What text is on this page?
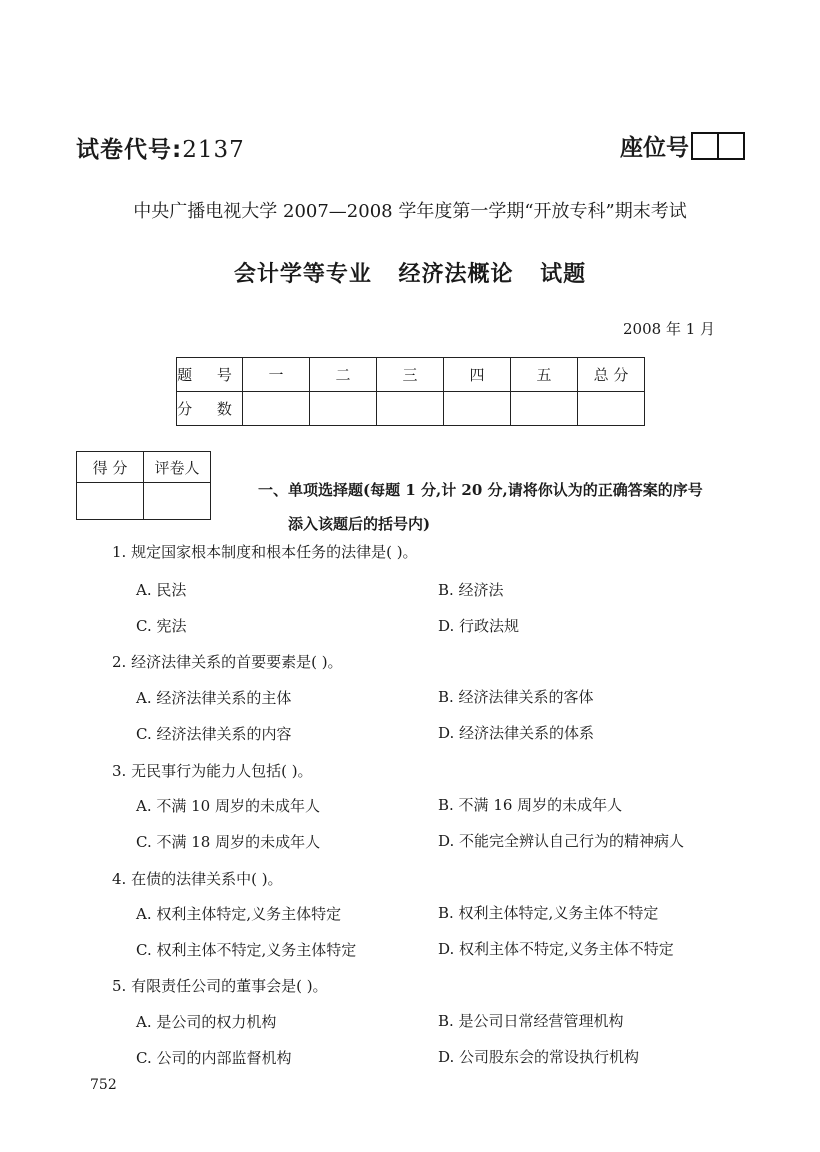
试卷代号:2137	座位号
中央广播电视大学 2007—2008 学年度第一学期“开放专科”期末考试
会计学等专业 经济法概论 试题
2008 年 1 月
题 号	一	二	三	四	五	总 分
分 数						
得 分	评卷人

一、单项选择题(每题 1 分,计 20 分,请将你认为的正确答案的序号
添入该题后的括号内)
1. 规定国家根本制度和根本任务的法律是( )。
A. 民法	B. 经济法
C. 宪法	D. 行政法规
2. 经济法律关系的首要要素是( )。
A. 经济法律关系的主体	B. 经济法律关系的客体
C. 经济法律关系的内容	D. 经济法律关系的体系
3. 无民事行为能力人包括( )。
A. 不满 10 周岁的未成年人	B. 不满 16 周岁的未成年人
C. 不满 18 周岁的未成年人	D. 不能完全辨认自己行为的精神病人
4. 在债的法律关系中( )。
A. 权利主体特定,义务主体特定	B. 权利主体特定,义务主体不特定
C. 权利主体不特定,义务主体特定	D. 权利主体不特定,义务主体不特定
5. 有限责任公司的董事会是( )。
A. 是公司的权力机构	B. 是公司日常经营管理机构
C. 公司的内部监督机构	D. 公司股东会的常设执行机构
752
